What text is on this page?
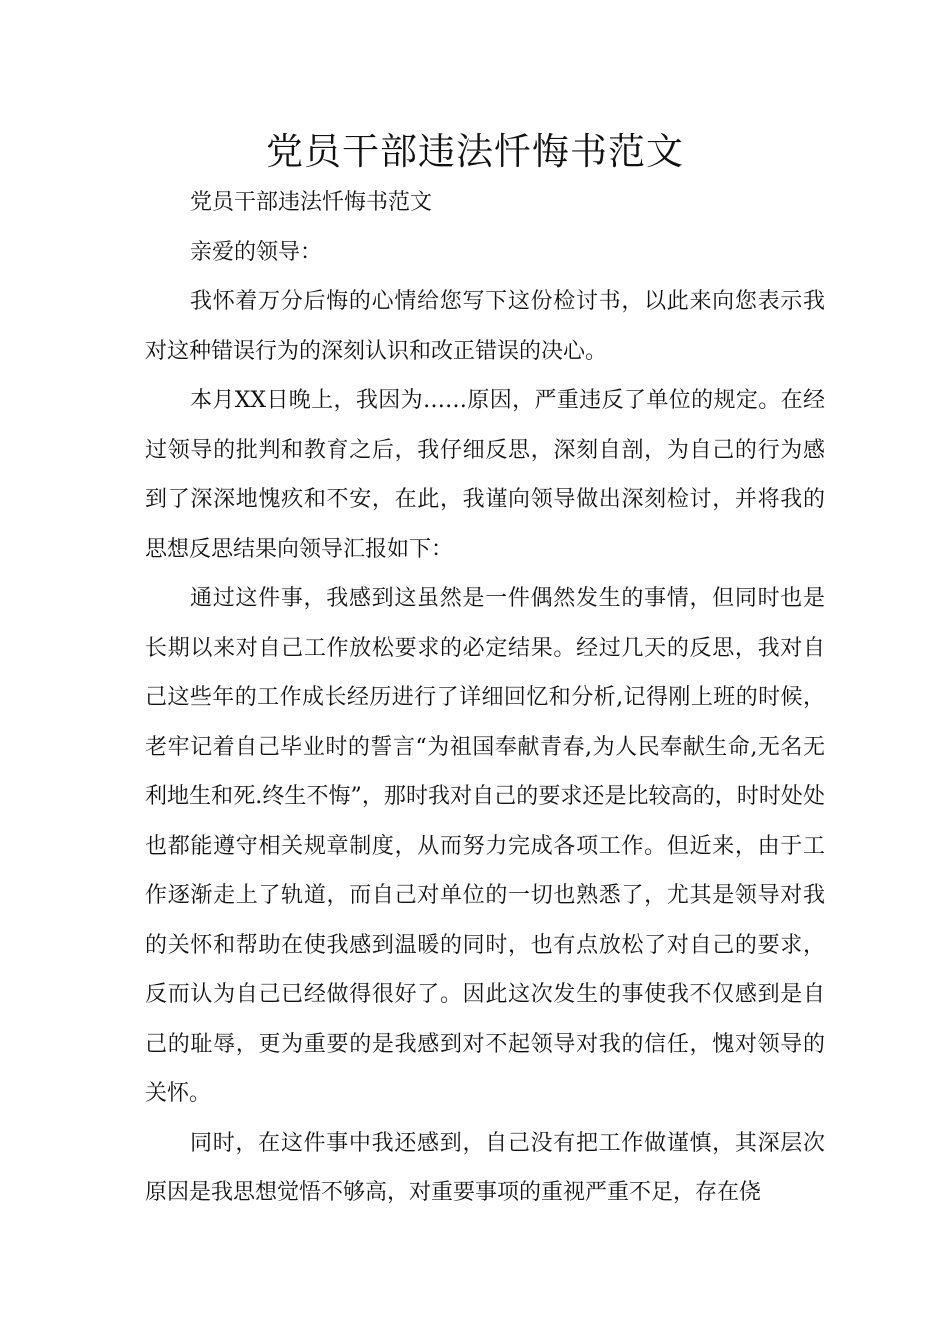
党员干部违法忏悔书范文

党员干部违法忏悔书范文

亲爱的领导：

我怀着万分后悔的心情给您写下这份检讨书，以此来向您表示我对这种错误行为的深刻认识和改正错误的决心。

本月XX日晚上，我因为……原因，严重违反了单位的规定。在经过领导的批判和教育之后，我仔细反思，深刻自剖，为自己的行为感到了深深地愧疚和不安，在此，我谨向领导做出深刻检讨，并将我的思想反思结果向领导汇报如下：

通过这件事，我感到这虽然是一件偶然发生的事情，但同时也是长期以来对自己工作放松要求的必定结果。经过几天的反思，我对自己这些年的工作成长经历进行了详细回忆和分析,记得刚上班的时候，老牢记着自己毕业时的誓言“为祖国奉献青春,为人民奉献生命,无名无利地生和死.终生不悔”，那时我对自己的要求还是比较高的，时时处处也都能遵守相关规章制度，从而努力完成各项工作。但近来，由于工作逐渐走上了轨道，而自己对单位的一切也熟悉了，尤其是领导对我的关怀和帮助在使我感到温暖的同时，也有点放松了对自己的要求，反而认为自己已经做得很好了。因此这次发生的事使我不仅感到是自己的耻辱，更为重要的是我感到对不起领导对我的信任，愧对领导的关怀。

同时，在这件事中我还感到，自己没有把工作做谨慎，其深层次原因是我思想觉悟不够高，对重要事项的重视严重不足，存在侥
